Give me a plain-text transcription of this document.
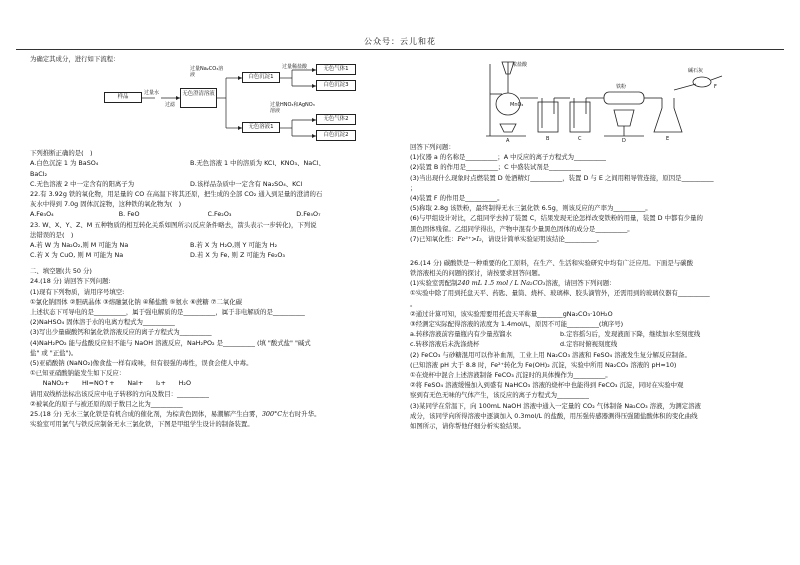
公众号：云儿和花
为确定其成分，进行如下流程：
样品
过量水	无色澄清溶液
过滤
过量Na₂CO₃溶液	白色沉淀1
过量稀盐酸	无色气体1
白色沉淀3
过量HNO₃和AgNO₃溶液
无色溶液1
无色气体2
白色沉淀2
下列推断正确的是(　)
A.白色沉淀 1 为 BaSO₄	B.无色溶液 1 中的溶质为 KCl、KNO₃、NaCl、
BaCl₂
C.无色溶液 2 中一定含有的阳离子为	D.该样品杂质中一定含有 Na₂SO₄、KCl
22.有 3.92g 铁的氧化物，用足量的 CO 在高温下将其还原，把生成的全部 CO₂ 通入到足量的澄清的石
灰水中得到 7.0g 固体沉淀物，这种铁的氧化物为(　)
A.Fe₃O₄	B. FeO	C.Fe₂O₃	D.Fe₅O₇
23. W、X、Y、Z、M 五种物质的相互转化关系如图所示(反应条件略去，箭头表示一步转化)，下列说
法错误的是(　)
A.若 W 为 Na₂O₂,则 M 可能为 Na	B.若 X 为 H₂O,则 Y 可能为 H₂
C.若 X 为 CuO, 则 M 可能为 Na	D.若 X 为 Fe, 则 Z 可能为 Fe₂O₃
二、填空题(共 50 分)
24.(18 分) 请回答下列问题:
(1)现有下列物质，请用序号填空:
①氯化钠固体 ②胆矾晶体 ③熔融氯化钠 ④稀盐酸 ⑤氨水 ⑥蔗糖 ⑦二氧化碳
上述状态下可导电的是__________，属于强电解质的是__________，属于非电解质的是__________
(2)NaHSO₄ 固体溶于水的电离方程式为__________
(3)写出少量碳酸钙和氯化铁溶液反应的离子方程式为__________
(4)NaH₂PO₂ 能与盐酸反应但不能与 NaOH 溶液反应，NaH₂PO₂ 是__________ (填 "酸式盐" "碱式
盐" 或 "正盐")。
(5)亚硝酸钠 (NaNO₂)像食盐一样有咸味，但有很强的毒性，误食会使人中毒。
①已知亚硝酸钠能发生如下反应：
　　NaNO₂+　　HI=NO↑+　　NaI+　　I₂+　　H₂O
请用双线桥法标出该反应中电子转移的方向及数目：__________
②被氧化的原子与被还原的原子数目之比为__________
25.(18 分) 无水三氯化铁是有机合成的催化剂，为棕黄色固体，易潮解产生白雾，300°C左右时升华。
实验室可用氯气与铁反应制备无水三氯化铁，下图是甲组学生设计的制备装置。
MnO₂
浓盐酸
铁粉
碱石灰
A	B	C	D	E
F
回答下列问题：
(1)仪器 a 的名称是__________；A 中反应的离子方程式为__________
(2)装置 B 的作用是__________；C 中盛装试剂是__________
(3)当出现什么现象时点燃装置 D 处酒精灯__________，装置 D 与 E 之间用粗导管连接，原因是__________
；
(4)装置 F 的作用是__________。
(5)称取 2.8g 该铁粉，最终制得无水三氯化铁 6.5g，则该反应的产率为__________。
(6)与甲组设计对比，乙组同学去掉了装置 C，结果发现无论怎样改变铁粉的用量，装置 D 中都有少量的
黑色固体残留。乙组同学得出，产物中混有少量黑色固体的成分是__________。
(7)已知氧化性：Fe³⁺>I₂，请设计简单实验证明该结论__________。
26.(14 分) 碳酸铁是一种重要的化工原料，在生产、生活和实验研究中均有广泛应用。下面是与碳酸
铁溶液相关的问题的探讨，请按要求回答问题。
(1)实验室需配制240 mL 1.5 mol / L Na₂CO₃溶液，请回答下列问题：
①实验中除了用到托盘天平、药匙、量筒、烧杯、玻璃棒、胶头滴管外，还需用到的玻璃仪器有__________
。
②通过计算可知，该实验需要用托盘天平称量________gNa₂CO₃·10H₂O
③经测定实际配得溶液的浓度为 1.4mol/L，原因不可能__________(填序号)
a.转移溶液前容量瓶内有少量蒸馏水	b.定容摇匀后，发现液面下降，继续加水至刻度线
c.转移溶液后未洗涤烧杯	d.定容时俯视刻度线
(2) FeCO₃ 与砂糖混用可以作补血剂，工业上用 Na₂CO₃ 溶液和 FeSO₄ 溶液发生复分解反应制备。
(已知溶液 pH 大于 8.8 时，Fe²⁺转化为 Fe(OH)₂ 沉淀，实验中所用 Na₂CO₃ 溶液的 pH≈10)
①在烧杯中混合上述溶液制备 FeCO₃ 沉淀时的具体操作为__________。
②将 FeSO₄ 溶液缓慢加入到盛有 NaHCO₃ 溶液的烧杯中也能得到 FeCO₃ 沉淀，同时在实验中观
察到有无色无味的气体产生，该反应的离子方程式为__________
(3)某同学在常温下，向 100mL NaOH 溶液中通入一定量的 CO₂ 气体制备 Na₂CO₃ 溶液，为测定溶液
成分，该同学向所得溶液中逐滴加入 0.3mol/L 的盐酸，用压强传感器测得压强随盐酸体积的变化曲线
如图所示，请你帮他仔细分析实验结果。
